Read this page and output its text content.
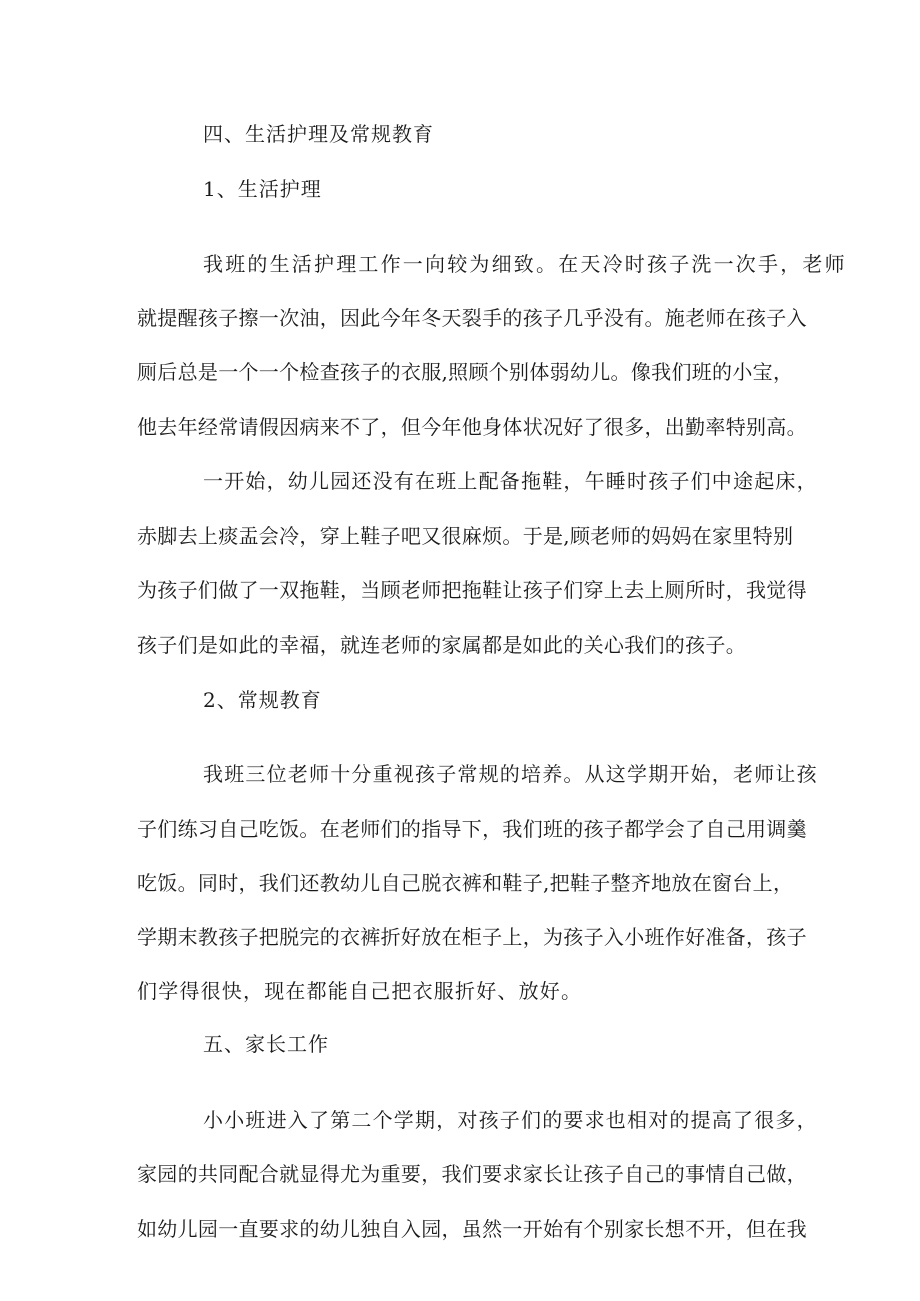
四、生活护理及常规教育
1、生活护理
我班的生活护理工作一向较为细致。在天冷时孩子洗一次手，老师
就提醒孩子擦一次油，因此今年冬天裂手的孩子几乎没有。施老师在孩子入
厕后总是一个一个检查孩子的衣服,照顾个别体弱幼儿。像我们班的小宝，
他去年经常请假因病来不了，但今年他身体状况好了很多，出勤率特别高。
一开始，幼儿园还没有在班上配备拖鞋，午睡时孩子们中途起床，
赤脚去上痰盂会冷，穿上鞋子吧又很麻烦。于是,顾老师的妈妈在家里特别
为孩子们做了一双拖鞋，当顾老师把拖鞋让孩子们穿上去上厕所时，我觉得
孩子们是如此的幸福，就连老师的家属都是如此的关心我们的孩子。
2、常规教育
我班三位老师十分重视孩子常规的培养。从这学期开始，老师让孩
子们练习自己吃饭。在老师们的指导下，我们班的孩子都学会了自己用调羹
吃饭。同时，我们还教幼儿自己脱衣裤和鞋子,把鞋子整齐地放在窗台上，
学期末教孩子把脱完的衣裤折好放在柜子上，为孩子入小班作好准备，孩子
们学得很快，现在都能自己把衣服折好、放好。
五、家长工作
小小班进入了第二个学期，对孩子们的要求也相对的提高了很多，
家园的共同配合就显得尤为重要，我们要求家长让孩子自己的事情自己做，
如幼儿园一直要求的幼儿独自入园，虽然一开始有个别家长想不开，但在我
